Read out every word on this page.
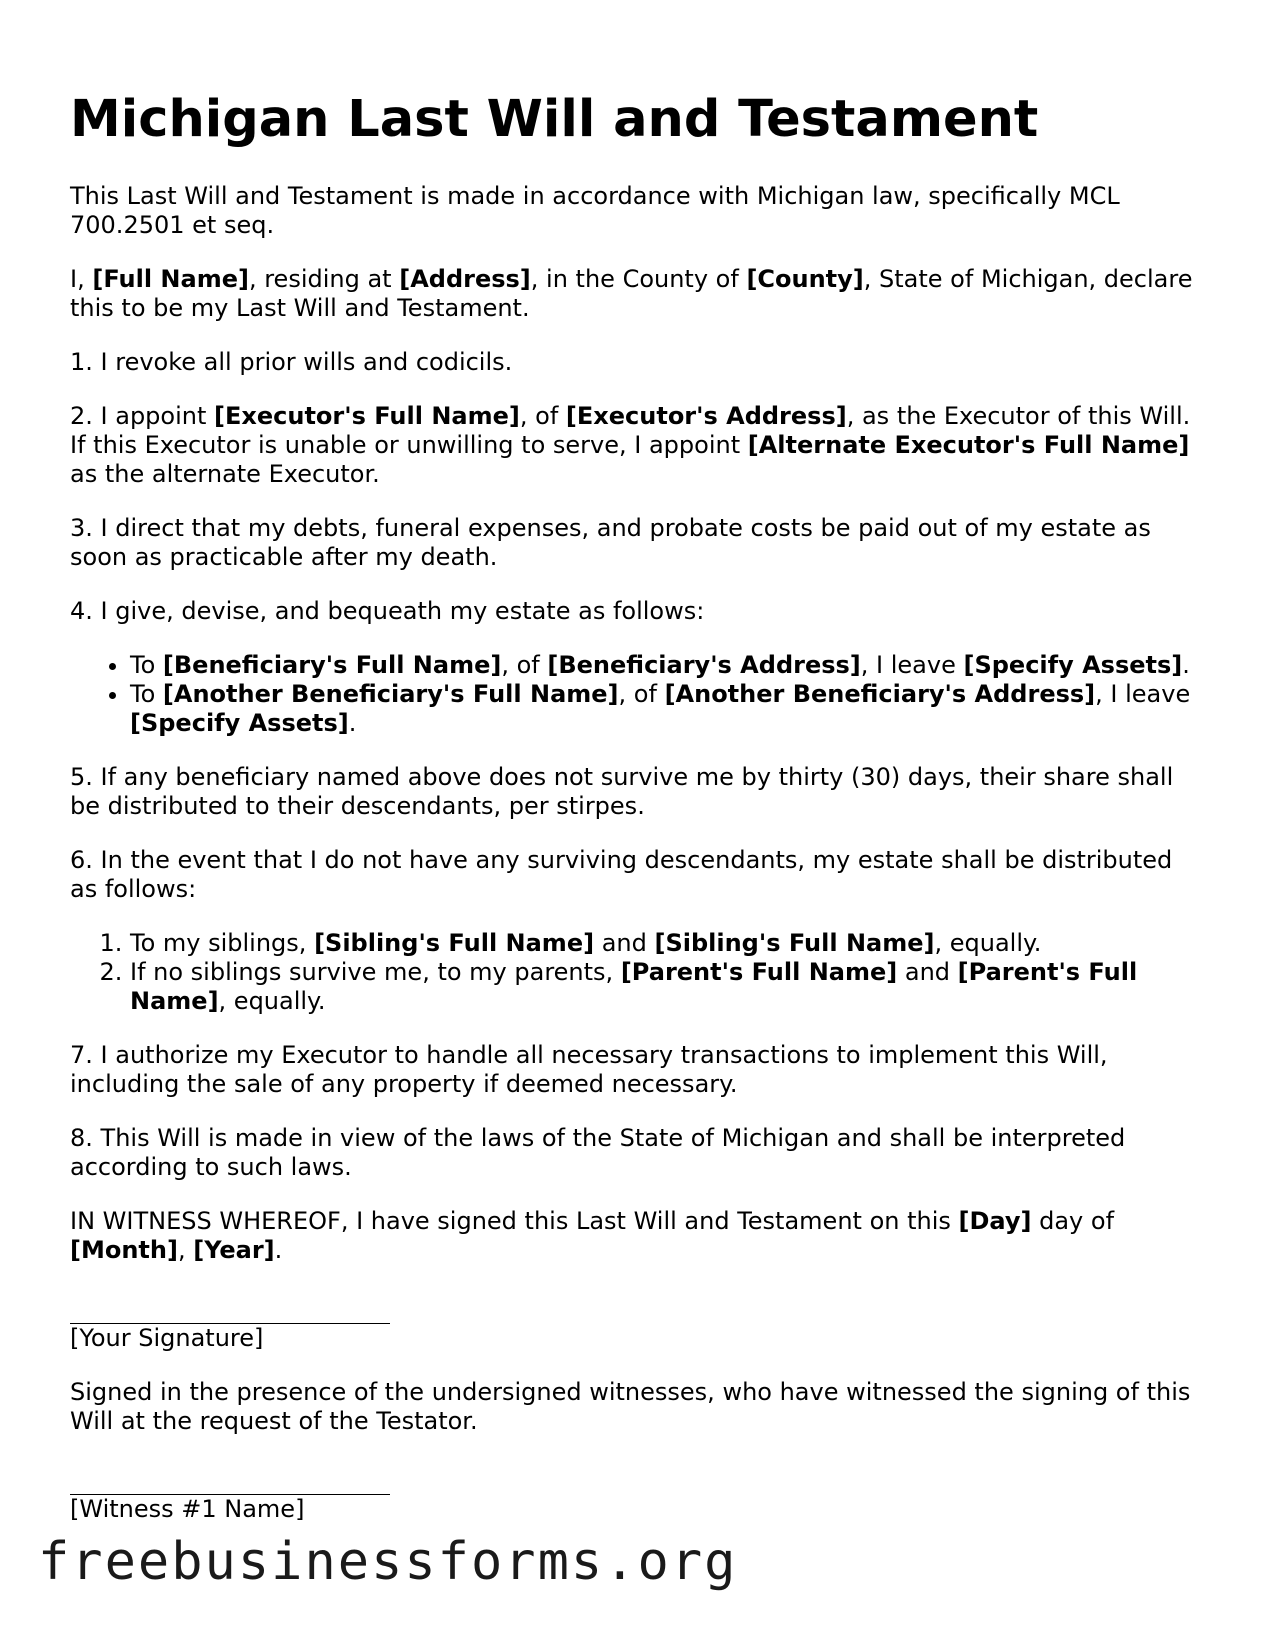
Michigan Last Will and Testament

This Last Will and Testament is made in accordance with Michigan law, specifically MCL 700.2501 et seq.

I, [Full Name], residing at [Address], in the County of [County], State of Michigan, declare this to be my Last Will and Testament.

1. I revoke all prior wills and codicils.

2. I appoint [Executor's Full Name], of [Executor's Address], as the Executor of this Will. If this Executor is unable or unwilling to serve, I appoint [Alternate Executor's Full Name] as the alternate Executor.

3. I direct that my debts, funeral expenses, and probate costs be paid out of my estate as soon as practicable after my death.

4. I give, devise, and bequeath my estate as follows:

• To [Beneficiary's Full Name], of [Beneficiary's Address], I leave [Specify Assets].
• To [Another Beneficiary's Full Name], of [Another Beneficiary's Address], I leave [Specify Assets].

5. If any beneficiary named above does not survive me by thirty (30) days, their share shall be distributed to their descendants, per stirpes.

6. In the event that I do not have any surviving descendants, my estate shall be distributed as follows:

1. To my siblings, [Sibling's Full Name] and [Sibling's Full Name], equally.
2. If no siblings survive me, to my parents, [Parent's Full Name] and [Parent's Full Name], equally.

7. I authorize my Executor to handle all necessary transactions to implement this Will, including the sale of any property if deemed necessary.

8. This Will is made in view of the laws of the State of Michigan and shall be interpreted according to such laws.

IN WITNESS WHEREOF, I have signed this Last Will and Testament on this [Day] day of [Month], [Year].

[Your Signature]

Signed in the presence of the undersigned witnesses, who have witnessed the signing of this Will at the request of the Testator.

[Witness #1 Name]
freebusinessforms.org
